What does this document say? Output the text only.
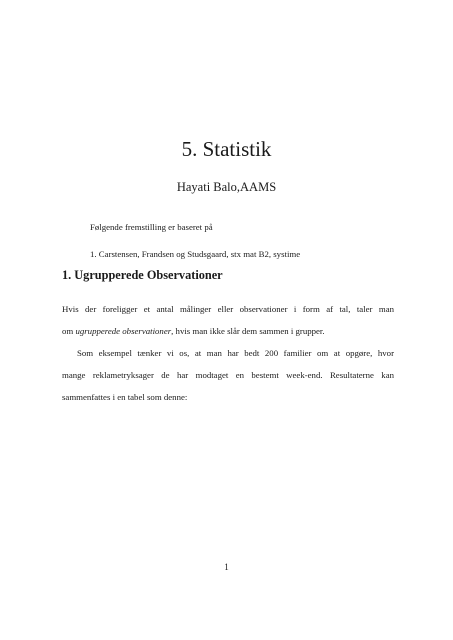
5. Statistik
Hayati Balo,AAMS
Følgende fremstilling er baseret på
1. Carstensen, Frandsen og Studsgaard, stx mat B2, systime
1. Ugrupperede Observationer
Hvis der foreligger et antal målinger eller observationer i form af tal, taler man
om ugrupperede observationer, hvis man ikke slår dem sammen i grupper.
Som eksempel tænker vi os, at man har bedt 200 familier om at opgøre, hvor
mange reklametryksager de har modtaget en bestemt week-end. Resultaterne kan
sammenfattes i en tabel som denne:
1
